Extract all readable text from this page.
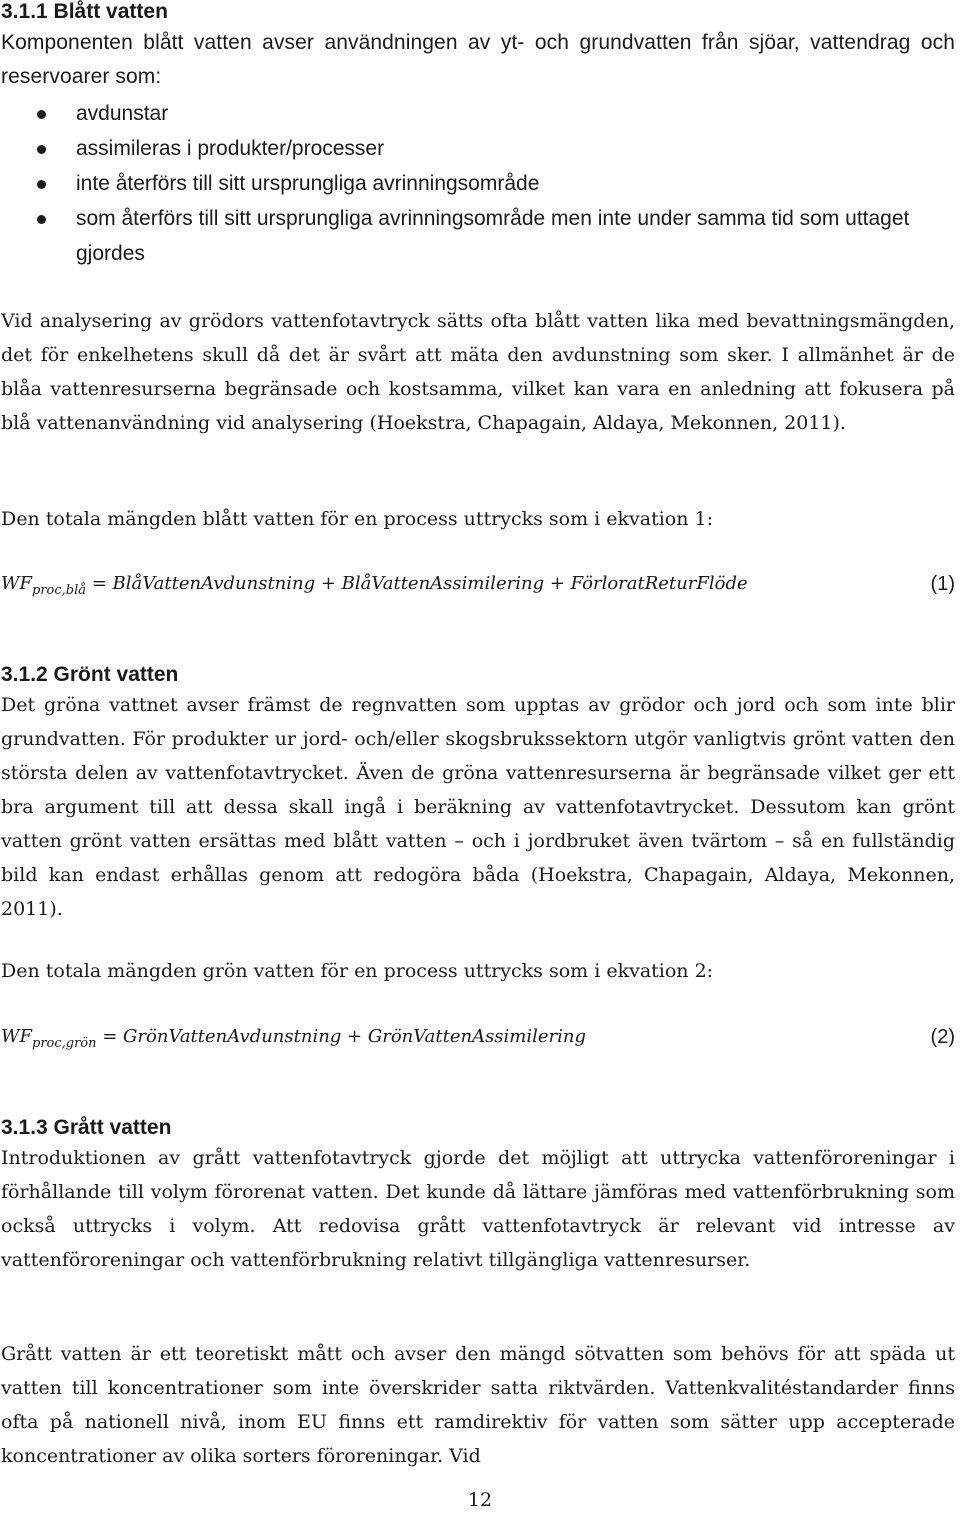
3.1.1 Blått vatten

Komponenten blått vatten avser användningen av yt- och grundvatten från sjöar, vattendrag och reservoarer som:

avdunstar
assimileras i produkter/processer
inte återförs till sitt ursprungliga avrinningsområde
som återförs till sitt ursprungliga avrinningsområde men inte under samma tid som uttaget gjordes

Vid analysering av grödors vattenfotavtryck sätts ofta blått vatten lika med bevattningsmängden, det för enkelhetens skull då det är svårt att mäta den avdunstning som sker. I allmänhet är de blåa vattenresurserna begränsade och kostsamma, vilket kan vara en anledning att fokusera på blå vattenanvändning vid analysering (Hoekstra, Chapagain, Aldaya, Mekonnen, 2011).

Den totala mängden blått vatten för en process uttrycks som i ekvation 1:

$WF_{proc,blå}$ = BlåVattenAvdunstning + BlåVattenAssimilering + FörloratReturFlöde	(1)
3.1.2 Grönt vatten

Det gröna vattnet avser främst de regnvatten som upptas av grödor och jord och som inte blir grundvatten. För produkter ur jord- och/eller skogsbrukssektorn utgör vanligtvis grönt vatten den största delen av vattenfotavtrycket. Även de gröna vattenresurserna är begränsade vilket ger ett bra argument till att dessa skall ingå i beräkning av vattenfotavtrycket. Dessutom kan grönt vatten grönt vatten ersättas med blått vatten – och i jordbruket även tvärtom – så en fullständig bild kan endast erhållas genom att redogöra båda (Hoekstra, Chapagain, Aldaya, Mekonnen, 2011).

Den totala mängden grön vatten för en process uttrycks som i ekvation 2:

$WF_{proc,grön}$ = GrönVattenAvdunstning + GrönVattenAssimilering	(2)
3.1.3 Grått vatten

Introduktionen av grått vattenfotavtryck gjorde det möjligt att uttrycka vattenföroreningar i förhållande till volym förorenat vatten. Det kunde då lättare jämföras med vattenförbrukning som också uttrycks i volym. Att redovisa grått vattenfotavtryck är relevant vid intresse av vattenföroreningar och vattenförbrukning relativt tillgängliga vattenresurser.

Grått vatten är ett teoretiskt mått och avser den mängd sötvatten som behövs för att späda ut vatten till koncentrationer som inte överskrider satta riktvärden. Vattenkvalitéstandarder finns ofta på nationell nivå, inom EU finns ett ramdirektiv för vatten som sätter upp accepterade koncentrationer av olika sorters föroreningar. Vid

12
